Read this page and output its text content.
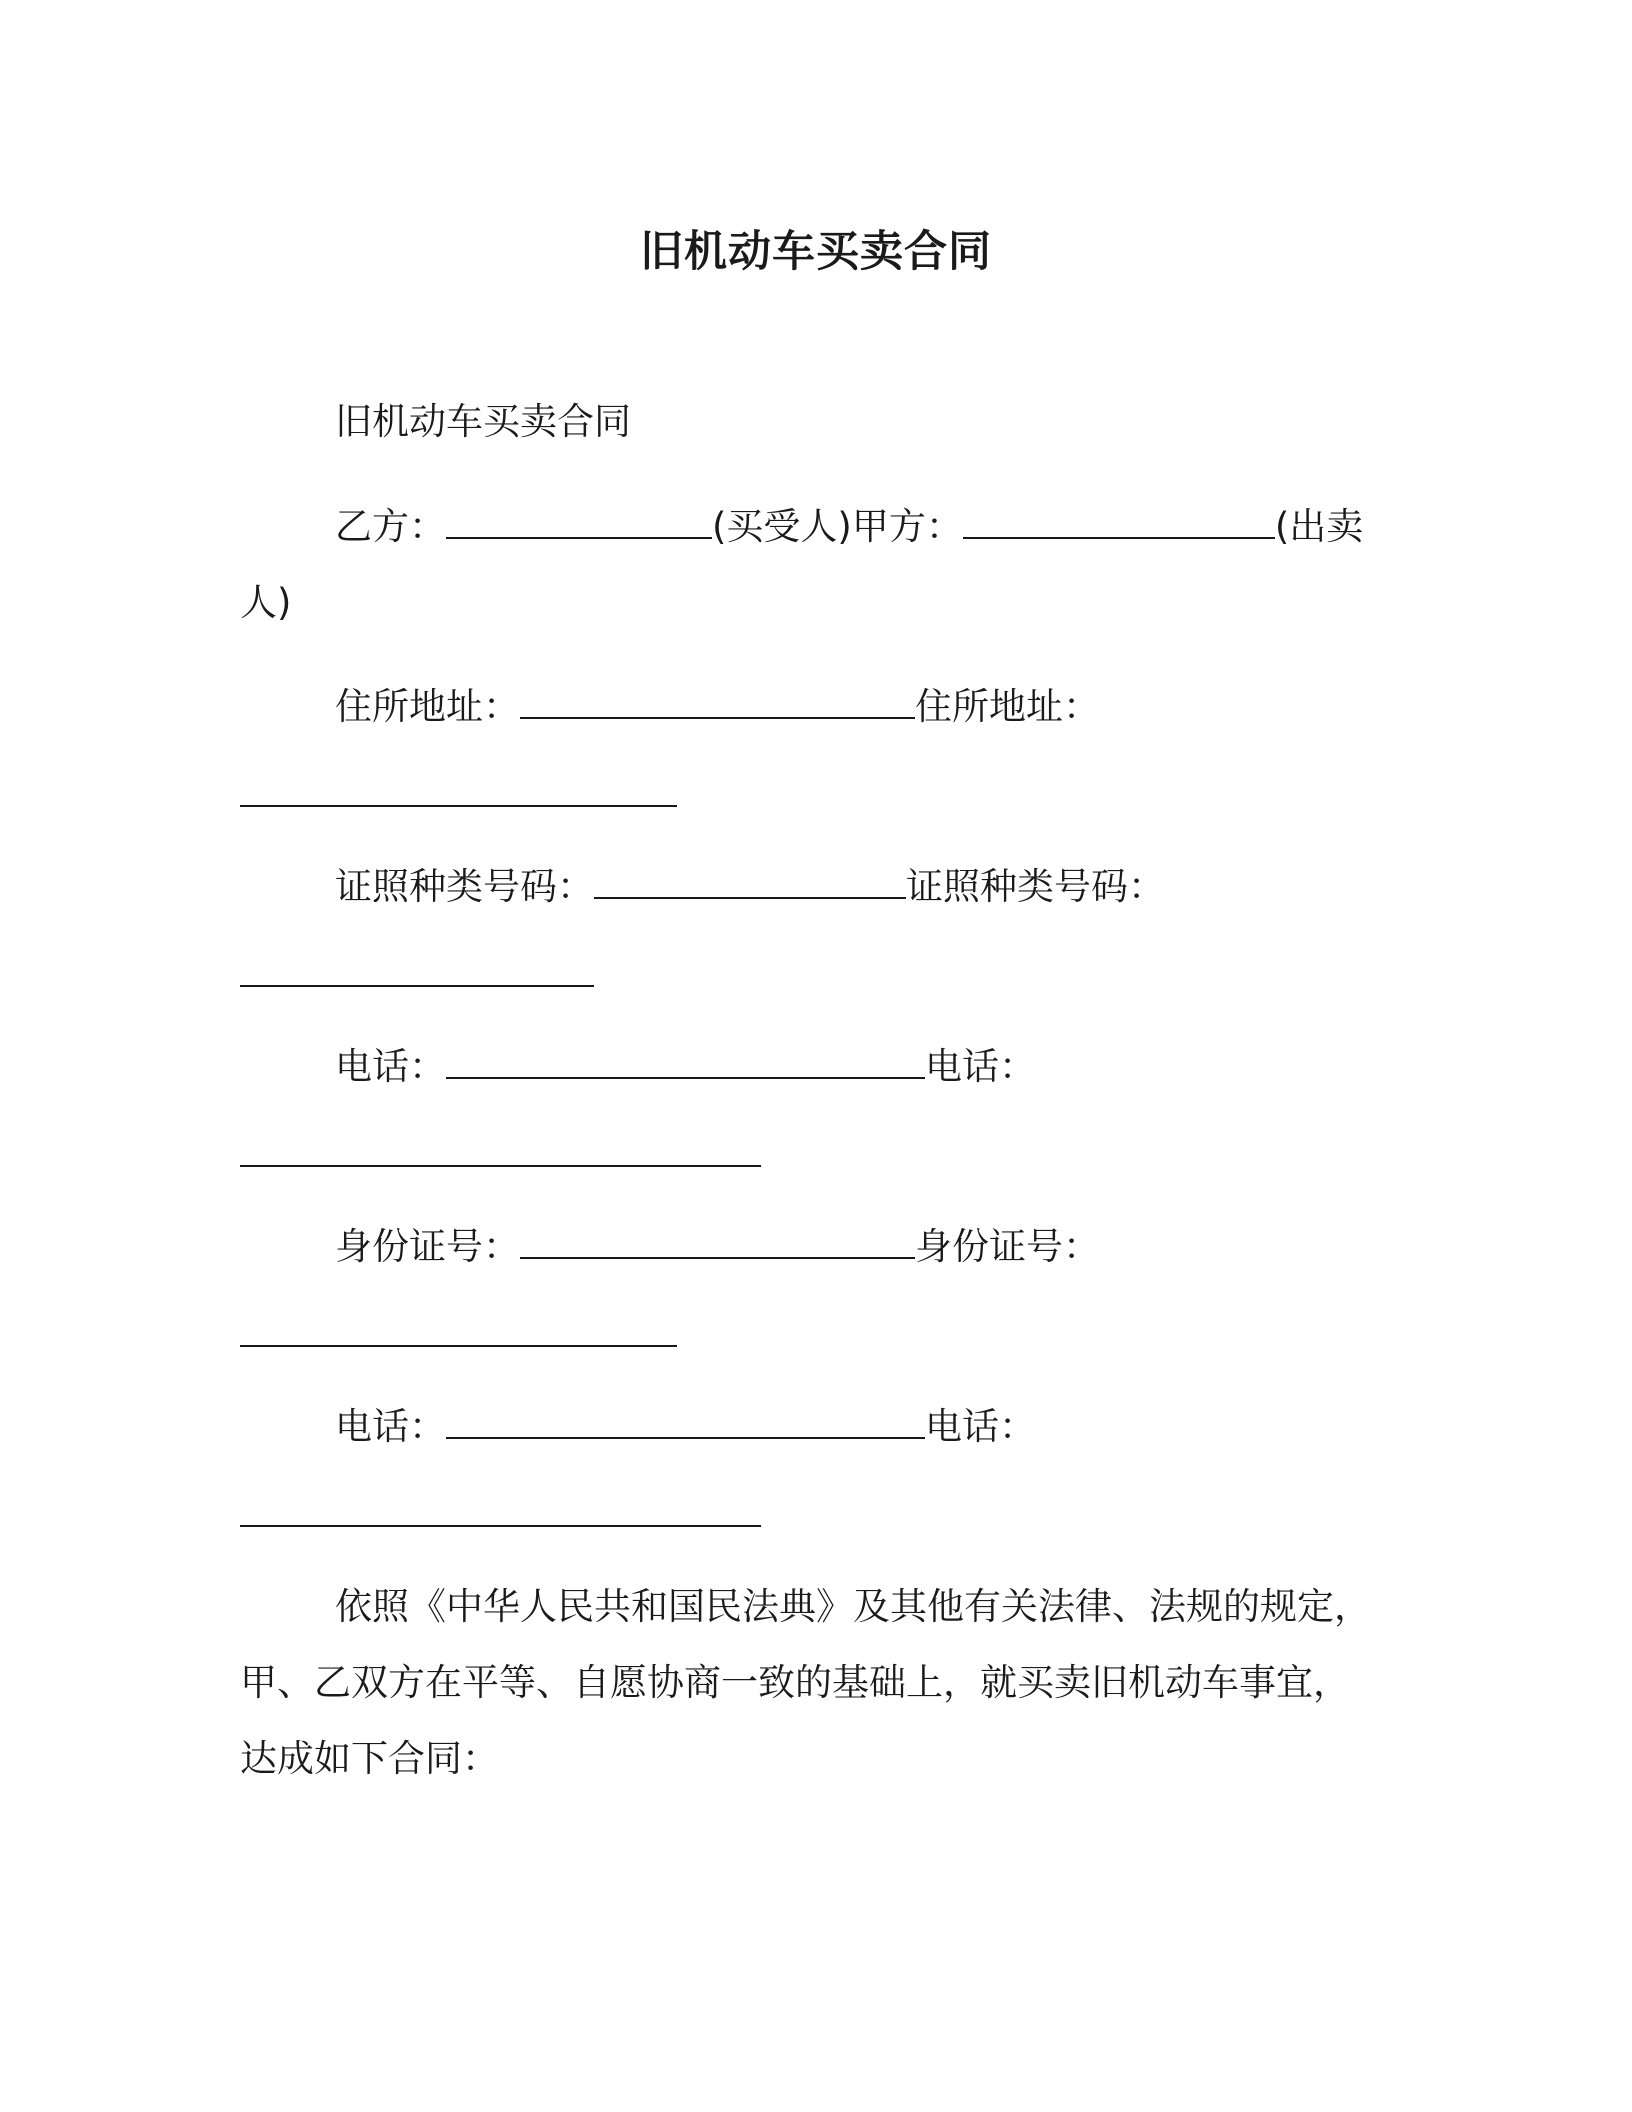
旧机动车买卖合同
旧机动车买卖合同
乙方：	(买受人)甲方：	(出卖
人)
住所地址：	住所地址：
证照种类号码：	证照种类号码：
电话：	电话：
身份证号：	身份证号：
电话：	电话：
依照《中华人民共和国民法典》及其他有关法律、法规的规定，
甲、乙双方在平等、自愿协商一致的基础上，就买卖旧机动车事宜，
达成如下合同：
